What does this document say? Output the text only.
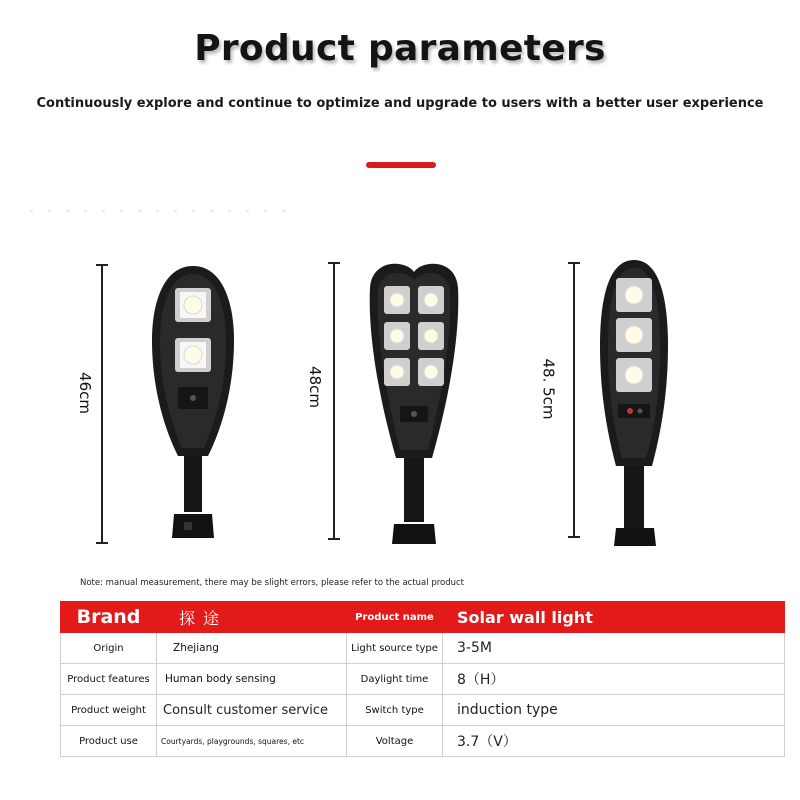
Product parameters
Continuously explore and continue to optimize and upgrade to users with a better user experience
46cm	48cm	48. 5cm
Note: manual measurement, there may be slight errors, please refer to the actual product
Brand	探途	Product name	Solar wall light
Origin	Zhejiang	Light source type	3-5M
Product features	Human body sensing	Daylight time	8（H）
Product weight	Consult customer service	Switch type	induction type
Product use	Courtyards, playgrounds, squares, etc	Voltage	3.7（V）
